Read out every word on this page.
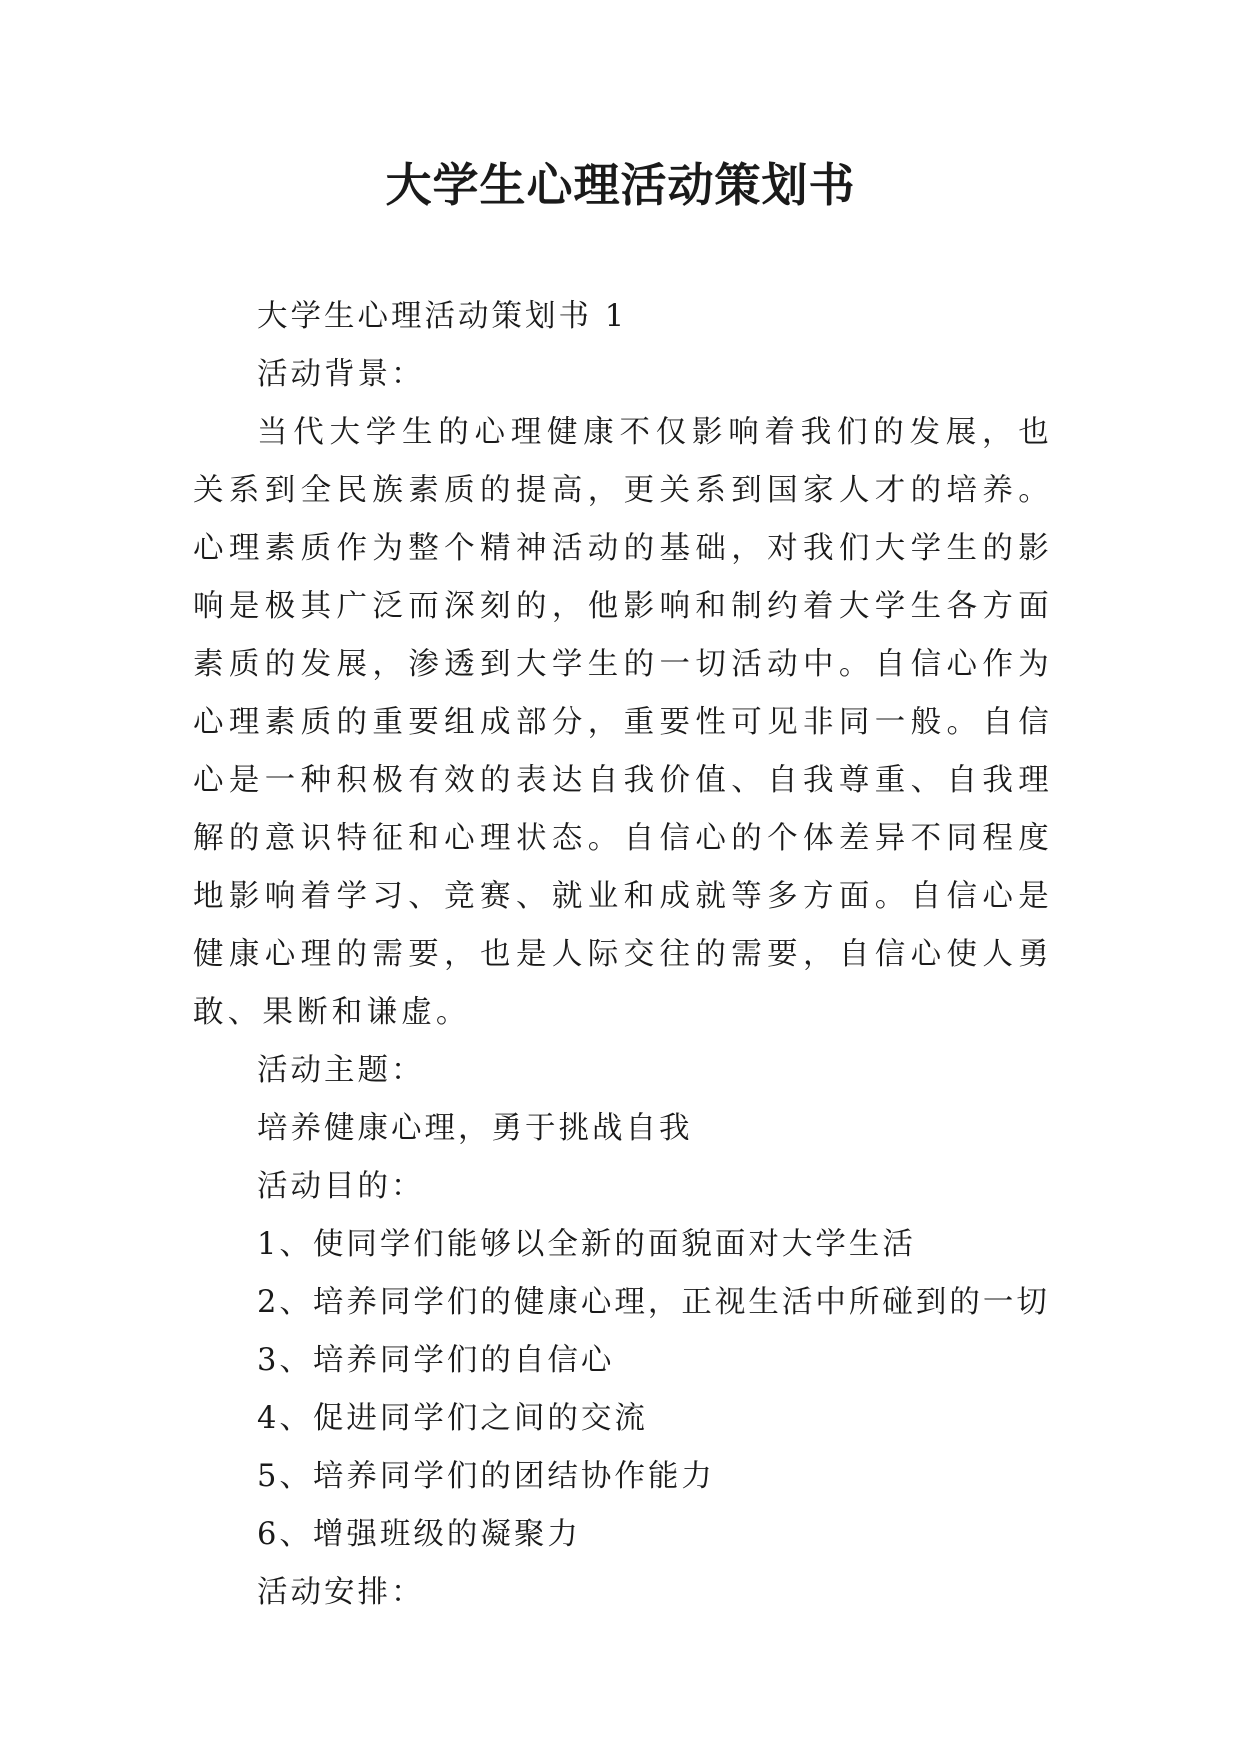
大学生心理活动策划书
大学生心理活动策划书 1
活动背景：

当代大学生的心理健康不仅影响着我们的发展，也关系到全民族素质的提高，更关系到国家人才的培养。心理素质作为整个精神活动的基础，对我们大学生的影响是极其广泛而深刻的，他影响和制约着大学生各方面素质的发展，渗透到大学生的一切活动中。自信心作为心理素质的重要组成部分，重要性可见非同一般。自信心是一种积极有效的表达自我价值、自我尊重、自我理解的意识特征和心理状态。自信心的个体差异不同程度地影响着学习、竞赛、就业和成就等多方面。自信心是健康心理的需要，也是人际交往的需要，自信心使人勇敢、果断和谦虚。

活动主题：
培养健康心理，勇于挑战自我
活动目的：
1、使同学们能够以全新的面貌面对大学生活
2、培养同学们的健康心理，正视生活中所碰到的一切
3、培养同学们的自信心
4、促进同学们之间的交流
5、培养同学们的团结协作能力
6、增强班级的凝聚力
活动安排：
